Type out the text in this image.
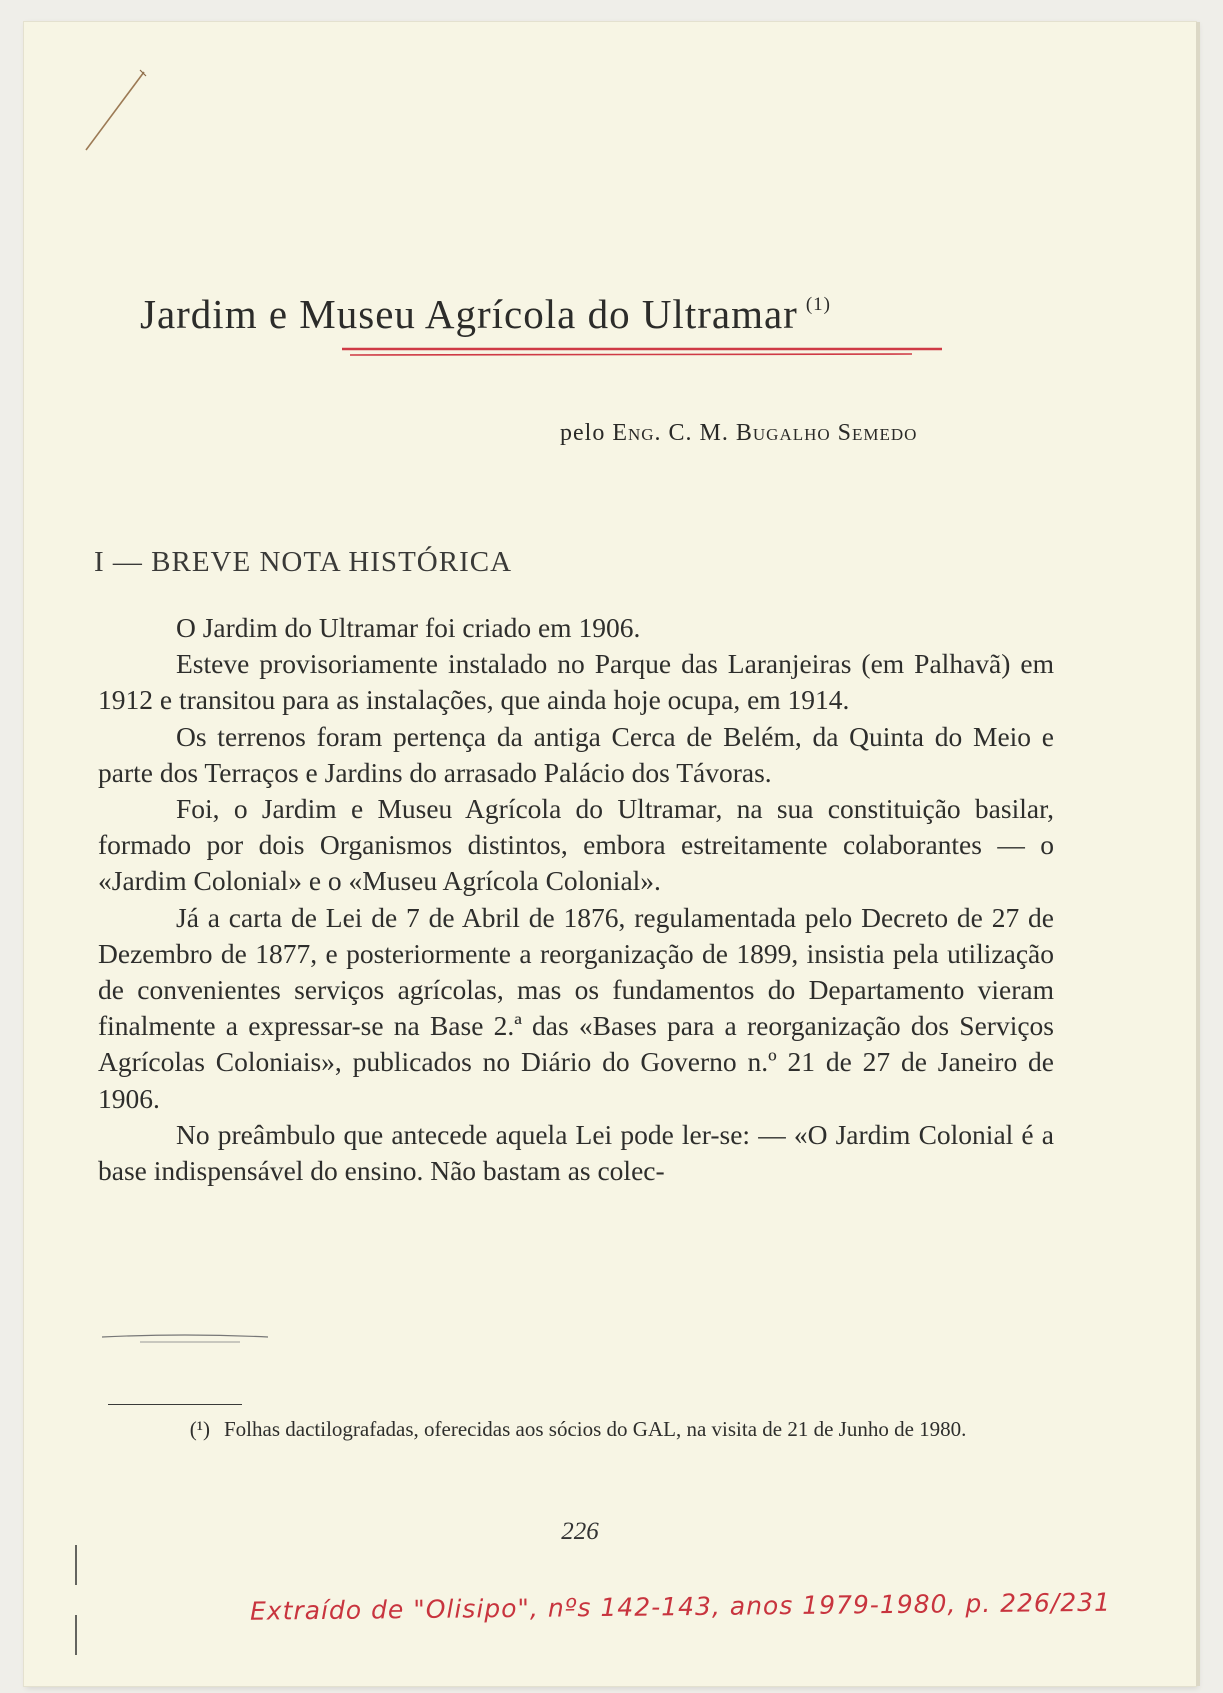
Jardim e Museu Agrícola do Ultramar $^{(1)}$
pelo Eng. C. M. Bugalho Semedo
I — BREVE NOTA HISTÓRICA

O Jardim do Ultramar foi criado em 1906.

Esteve provisoriamente instalado no Parque das Laranjeiras (em Palhavã) em 1912 e transitou para as instalações, que ainda hoje ocupa, em 1914.

Os terrenos foram pertença da antiga Cerca de Belém, da Quinta do Meio e parte dos Terraços e Jardins do arrasado Palácio dos Távoras.

Foi, o Jardim e Museu Agrícola do Ultramar, na sua constituição basilar, formado por dois Organismos distintos, embora estreitamente colaborantes — o «Jardim Colonial» e o «Museu Agrícola Colonial».

Já a carta de Lei de 7 de Abril de 1876, regulamentada pelo Decreto de 27 de Dezembro de 1877, e posteriormente a reorganização de 1899, insistia pela utilização de convenientes serviços agrícolas, mas os fundamentos do Departamento vieram finalmente a expressar-se na Base 2.ª das «Bases para a reorganização dos Serviços Agrícolas Coloniais», publicados no Diário do Governo n.º 21 de 27 de Janeiro de 1906.

No preâmbulo que antecede aquela Lei pode ler-se: — «O Jardim Colonial é a base indispensável do ensino. Não bastam as colec-

(¹) Folhas dactilografadas, oferecidas aos sócios do GAL, na visita de 21 de Junho de 1980.
226
Extraído de "Olisipo", nºs 142-143, anos 1979-1980, p. 226/231
